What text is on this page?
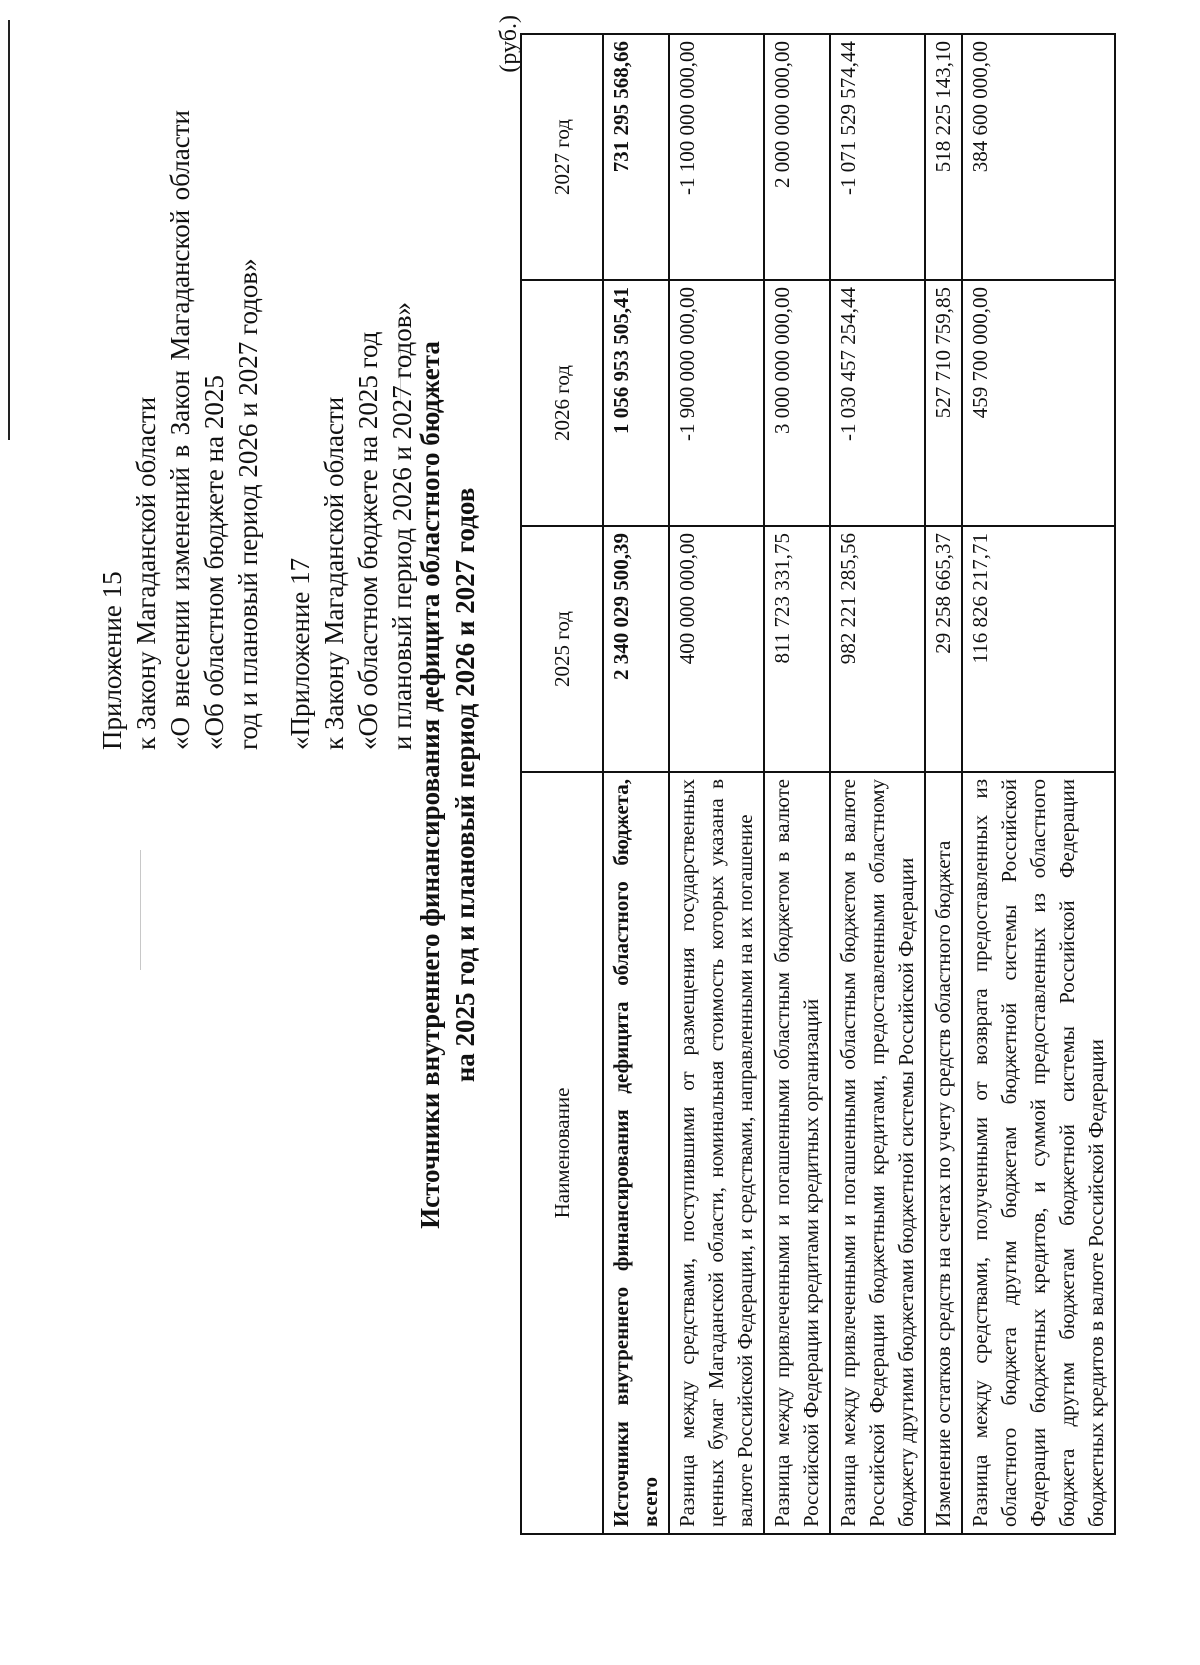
Приложение 15 к Закону Магаданской области «О
внесении
изменений
в
Закон
Магаданской
области
«Об областном бюджете на 2025 год и плановый период 2026 и 2027 годов» «Приложение 17 к Закону Магаданской области «Об областном бюджете на 2025 год и плановый период 2026 и 2027 годов»
Источники внутреннего финансирования дефицита областного бюджета на 2025 год и плановый период 2026 и 2027 годов
(руб.)
Наименование	2025 год	2026 год	2027 год
Источники внутреннего финансирования дефицита областного бюджета, всего	2 340 029 500,39	1 056 953 505,41	731 295 568,66
Разница между средствами, поступившими от размещения государственных ценных бумаг Магаданской области, номинальная стоимость которых указана в валюте Российской Федерации, и средствами, направленными на их погашение	400 000 000,00	-1 900 000 000,00	-1 100 000 000,00
Разница между привлеченными и погашенными областным бюджетом в валюте Российской Федерации кредитами кредитных организаций	811 723 331,75	3 000 000 000,00	2 000 000 000,00
Разница между привлеченными и погашенными областным бюджетом в валюте Российской Федерации бюджетными кредитами, предоставленными областному бюджету другими бюджетами бюджетной системы Российской Федерации	982 221 285,56	-1 030 457 254,44	-1 071 529 574,44
Изменение остатков средств на счетах по учету средств областного бюджета	29 258 665,37	527 710 759,85	518 225 143,10
Разница между средствами, полученными от возврата предоставленных из областного бюджета другим бюджетам бюджетной системы Российской Федерации бюджетных кредитов, и суммой предоставленных из областного бюджета другим бюджетам бюджетной системы Российской Федерации бюджетных кредитов в валюте Российской Федерации	116 826 217,71	459 700 000,00	384 600 000,00
